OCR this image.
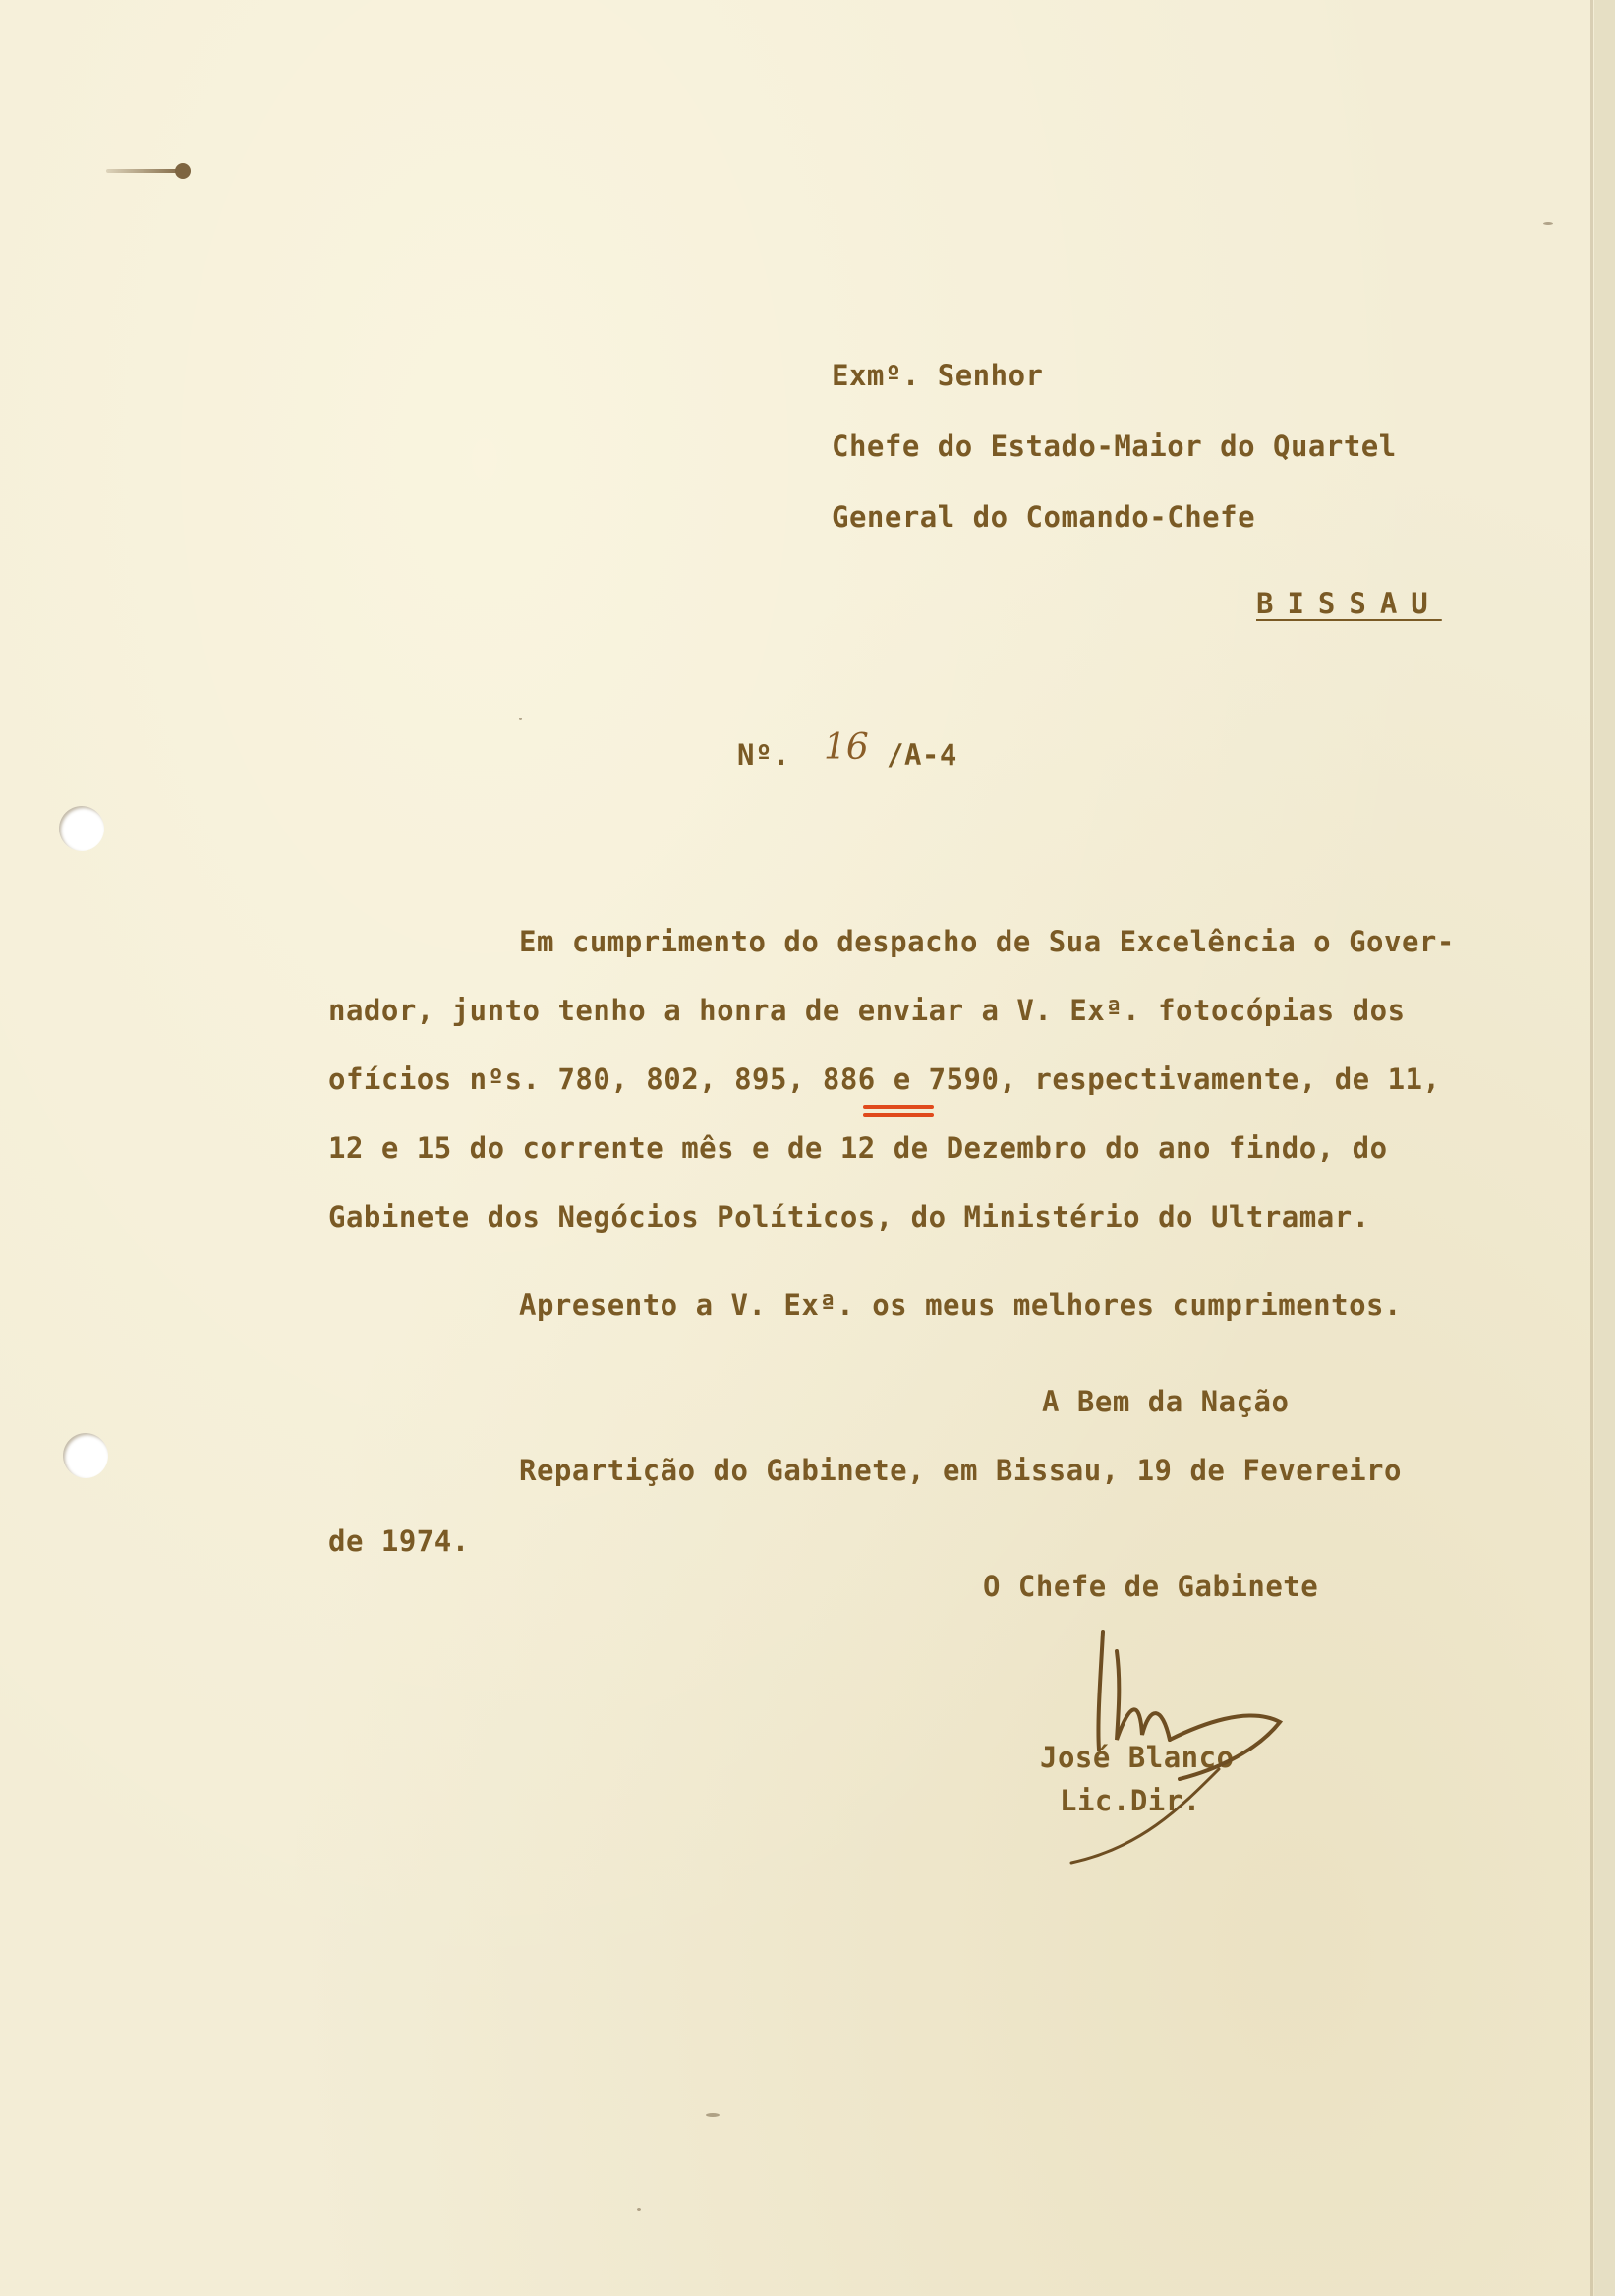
Exmº. Senhor
Chefe do Estado-Maior do Quartel
General do Comando-Chefe
BISSAU
Nº. 16 /A-4
Em cumprimento do despacho de Sua Excelência o Gover-
nador, junto tenho a honra de enviar a V. Exª. fotocópias dos
ofícios nºs. 780, 802, 895, 886 e 7590, respectivamente, de 11,
12 e 15 do corrente mês e de 12 de Dezembro do ano findo, do
Gabinete dos Negócios Políticos, do Ministério do Ultramar.
Apresento a V. Exª. os meus melhores cumprimentos.
A Bem da Nação
Repartição do Gabinete, em Bissau, 19 de Fevereiro
de 1974.
O Chefe de Gabinete
José Blanco
Lic.Dir.
